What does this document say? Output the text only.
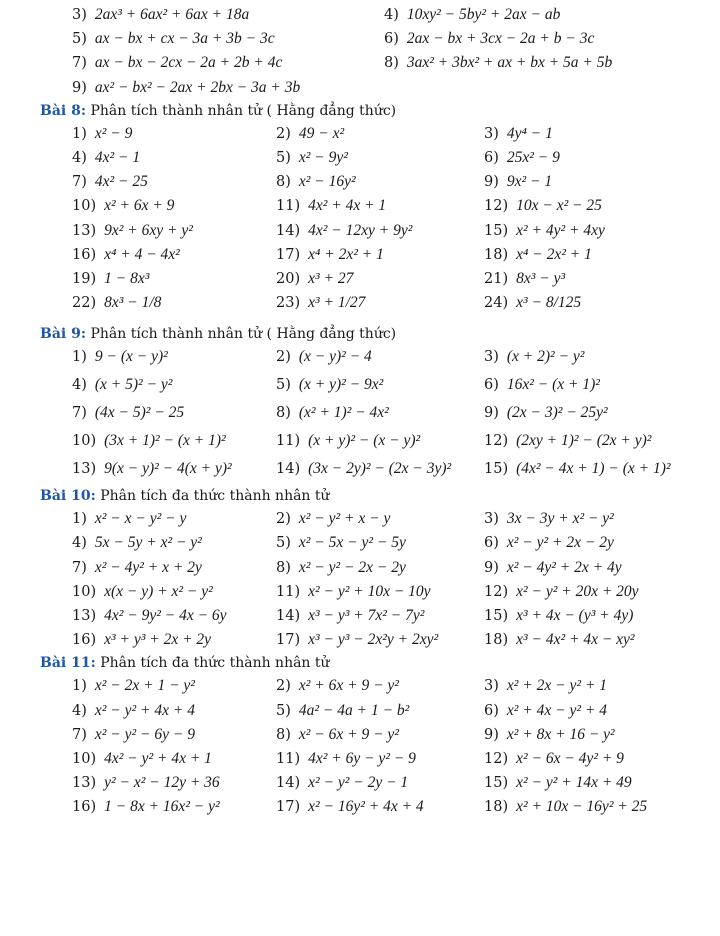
3) 2ax³ + 6ax² + 6ax + 18a	4) 10xy² − 5by² + 2ax − ab
5) ax − bx + cx − 3a + 3b − 3c	6) 2ax − bx + 3cx − 2a + b − 3c
7) ax − bx − 2cx − 2a + 2b + 4c	8) 3ax² + 3bx² + ax + bx + 5a + 5b
9) ax² − bx² − 2ax + 2bx − 3a + 3b
Bài 8: Phân tích thành nhân tử ( Hằng đẳng thức)
1) x² − 9	2) 49 − x²	3) 4y⁴ − 1
4) 4x² − 1	5) x² − 9y²	6) 25x² − 9
7) 4x² − 25	8) x² − 16y²	9) 9x² − 1
10) x² + 6x + 9	11) 4x² + 4x + 1	12) 10x − x² − 25
13) 9x² + 6xy + y²	14) 4x² − 12xy + 9y²	15) x² + 4y² + 4xy
16) x⁴ + 4 − 4x²	17) x⁴ + 2x² + 1	18) x⁴ − 2x² + 1
19) 1 − 8x³	20) x³ + 27	21) 8x³ − y³
22) 8x³ − 1/8	23) x³ + 1/27	24) x³ − 8/125
Bài 9: Phân tích thành nhân tử ( Hằng đẳng thức)
1) 9 − (x − y)²	2) (x − y)² − 4	3) (x + 2)² − y²
4) (x + 5)² − y²	5) (x + y)² − 9x²	6) 16x² − (x + 1)²
7) (4x − 5)² − 25	8) (x² + 1)² − 4x²	9) (2x − 3)² − 25y²
10) (3x + 1)² − (x + 1)²	11) (x + y)² − (x − y)²	12) (2xy + 1)² − (2x + y)²
13) 9(x − y)² − 4(x + y)²	14) (3x − 2y)² − (2x − 3y)² 15) (4x² − 4x + 1) − (x + 1)²
Bài 10: Phân tích đa thức thành nhân tử
1) x² − x − y² − y	2) x² − y² + x − y	3) 3x − 3y + x² − y²
4) 5x − 5y + x² − y²	5) x² − 5x − y² − 5y	6) x² − y² + 2x − 2y
7) x² − 4y² + x + 2y	8) x² − y² − 2x − 2y	9) x² − 4y² + 2x + 4y
10) x(x − y) + x² − y²	11) x² − y² + 10x − 10y	12) x² − y² + 20x + 20y
13) 4x² − 9y² − 4x − 6y	14) x³ − y³ + 7x² − 7y²	15) x³ + 4x − (y³ + 4y)
16) x³ + y³ + 2x + 2y	17) x³ − y³ − 2x²y + 2xy²	18) x³ − 4x² + 4x − xy²
Bài 11: Phân tích đa thức thành nhân tử
1) x² − 2x + 1 − y²	2) x² + 6x + 9 − y²	3) x² + 2x − y² + 1
4) x² − y² + 4x + 4	5) 4a² − 4a + 1 − b²	6) x² + 4x − y² + 4
7) x² − y² − 6y − 9	8) x² − 6x + 9 − y²	9) x² + 8x + 16 − y²
10) 4x² − y² + 4x + 1	11) 4x² + 6y − y² − 9	12) x² − 6x − 4y² + 9
13) y² − x² − 12y + 36	14) x² − y² − 2y − 1	15) x² − y² + 14x + 49
16) 1 − 8x + 16x² − y²	17) x² − 16y² + 4x + 4	18) x² + 10x − 16y² + 25
